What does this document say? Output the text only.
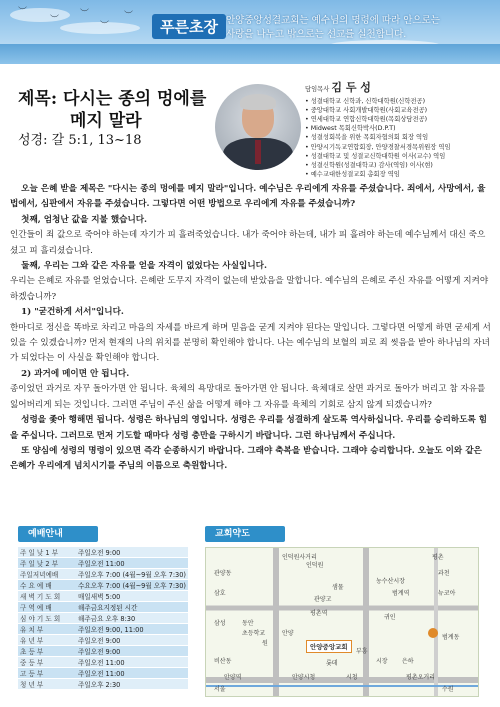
︶
︶
︶
︶
︶
푸른초장 안양중앙성결교회는 예수님의 명령에 따라 안으로는
사랑을 나누고 밖으로는 선교를 실천합니다.
제목: 다시는 종의 멍에를
메지 말라
성경: 갈 5:1, 13~18
담임목사 김 두 성
• 성결대학교 신학과, 신학대학원(신학전공)
• 중앙대학교 사회개발대학원(사회교육전공)
• 연세대학교 연합신학대학원(목회상담전공)
• Midwest 목회신학박사(D.P.T)
• 성결성회복을 위한 목회자협의회 회장 역임
• 안양시기독교연합회장, 안양경찰서경목위원장 역임
• 성결대학교 및 성결교신학대학원 이사(교수) 역임
• 성결신학원(성결대학교) 감사(역임) 이사(현)
• 예수교대한성결교회 총회장 역임

오늘 은혜 받을 제목은 "다시는 종의 멍에를 메지 말라"입니다. 예수님은 우리에게 자유를 주셨습니다. 죄에서, 사망에서, 율법에서, 심판에서 자유를 주셨습니다. 그렇다면 어떤 방법으로 우리에게 자유를 주셨습니까?

첫째, 엄청난 값을 지불 했습니다.

인간들이 죄 값으로 죽어야 하는데 자기가 피 흘려죽었습니다. 내가 죽어야 하는데, 내가 피 흘려야 하는데 예수님께서 대신 죽으셨고 피 흘리셨습니다.

둘째, 우리는 그와 같은 자유를 얻을 자격이 없었다는 사실입니다.

우리는 은혜로 자유를 얻었습니다. 은혜란 도무지 자격이 없는데 받았음을 말합니다. 예수님의 은혜로 주신 자유를 어떻게 지켜야 하겠습니까?

1) "굳건하게 서서"입니다.

한마디로 정신을 똑바로 차리고 마음의 자세를 바르게 하며 믿음을 굳게 지켜야 된다는 말입니다. 그렇다면 어떻게 하면 굳세게 서 있을 수 있겠습니까? 먼저 현재의 나의 위치를 분명히 확인해야 합니다. 나는 예수님의 보혈의 피로 죄 씻음을 받아 하나님의 자녀가 되었다는 이 사실을 확인해야 합니다.

2) 과거에 메이면 안 됩니다.

종이었던 과거로 자꾸 돌아가면 안 됩니다. 육체의 욕망대로 돌아가면 안 됩니다. 육체대로 살면 과거로 돌아가 버리고 참 자유를 잃어버리게 되는 것입니다. 그러면 주님이 주신 삶을 어떻게 해야 그 자유를 육체의 기회로 삼지 않게 되겠습니까?

성령을 좇아 행해면 됩니다. 성령은 하나님의 영입니다. 성령은 우리를 성결하게 살도록 역사하십니다. 우리를 승리하도록 힘을 주십니다. 그러므로 먼저 기도할 때마다 성령 충만을 구하시기 바랍니다. 그런 하나님께서 주십니다.

또 양심에 성령의 명령이 있으면 즉각 순종하시기 바랍니다. 그래야 축복을 받습니다. 그래야 승리합니다. 오늘도 이와 같은 은혜가 우리에게 넘치시기를 주님의 이름으로 축원합니다.

예배안내
주 일 낮 1 부	주일오전 9:00
주 일 낮 2 부	주일오전 11:00
주일저녁예배	주일오후 7:00 (4월~9월 오후 7:30)
수 요 예 배	수요오후 7:00 (4월~9월 오후 7:30)
새 벽 기 도 회	매일새벽 5:00
구 역 예 배	해주금요지정된 시간
심 야 기 도 회	해주금요 오후 8:30
유 치 부	주일오전 9:00, 11:00
유 년 부	주일오전 9:00
초 등 부	주일오전 9:00
중 등 부	주일오전 11:00
고 등 부	주일오전 11:00
청 년 부	주일오후 2:30
교회약도
인덕원사거리
관양동
평촌
샘물
범계역
삼호
인덕원
관양고
평촌역
농수산시장
귀인
삼성	동안
초등학교	안양
범계동
비산동
과천
수원
평촌오거리
안양시청
뉴코아
롯데
부흥
시장 은하
안양역
서울
원
시청
안양중앙교회
